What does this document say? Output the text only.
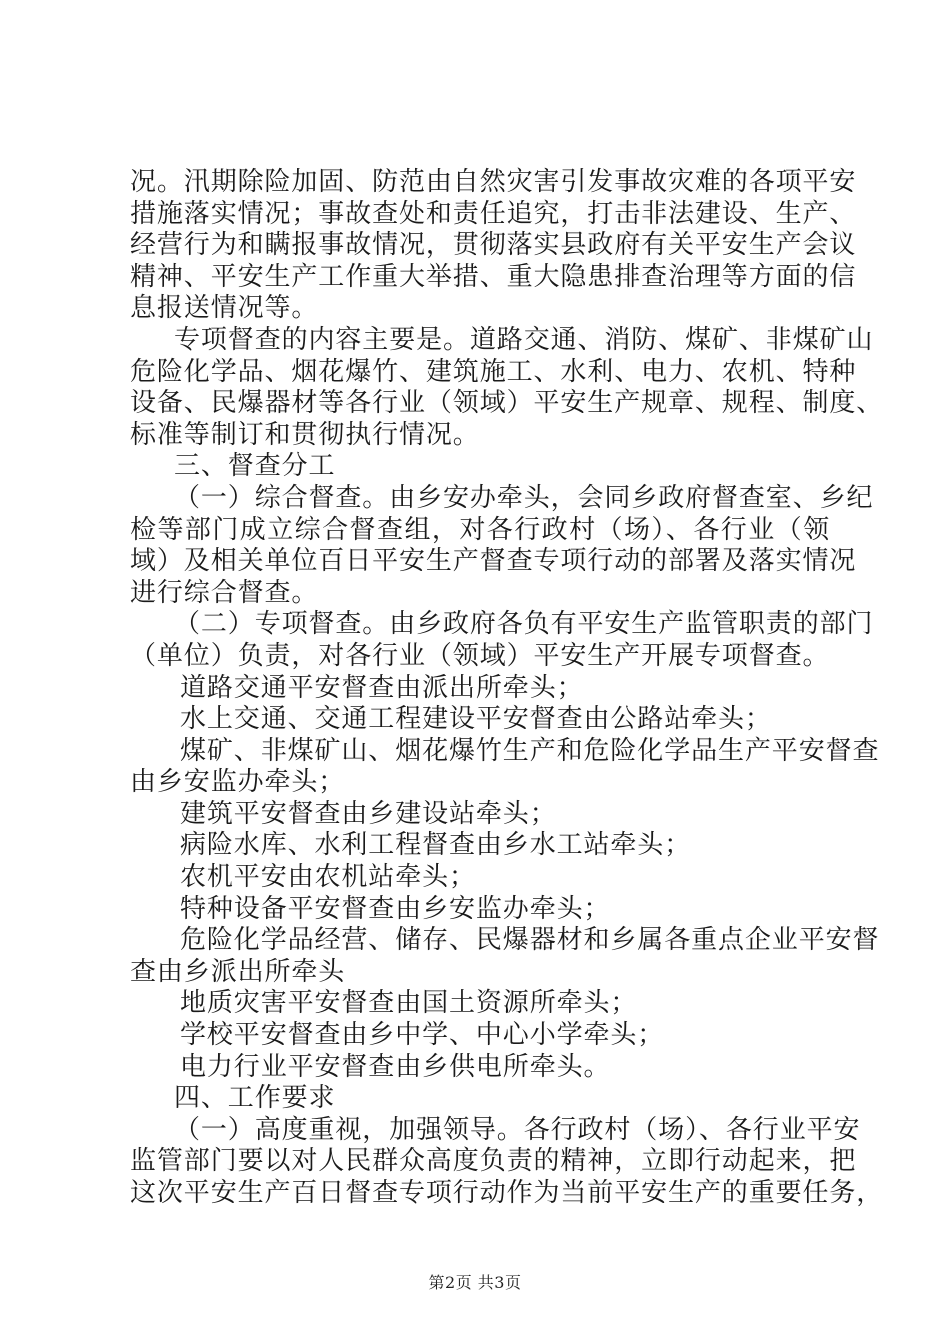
况。汛期除险加固、防范由自然灾害引发事故灾难的各项平安
措施落实情况；事故查处和责任追究，打击非法建设、生产、
经营行为和瞒报事故情况，贯彻落实县政府有关平安生产会议
精神、平安生产工作重大举措、重大隐患排查治理等方面的信
息报送情况等。
专项督查的内容主要是。道路交通、消防、煤矿、非煤矿山
危险化学品、烟花爆竹、建筑施工、水利、电力、农机、特种
设备、民爆器材等各行业（领域）平安生产规章、规程、制度、
标准等制订和贯彻执行情况。
三、督查分工
（一）综合督查。由乡安办牵头，会同乡政府督查室、乡纪
检等部门成立综合督查组，对各行政村（场）、各行业（领
域）及相关单位百日平安生产督查专项行动的部署及落实情况
进行综合督查。
（二）专项督查。由乡政府各负有平安生产监管职责的部门
（单位）负责，对各行业（领域）平安生产开展专项督查。
道路交通平安督查由派出所牵头；
水上交通、交通工程建设平安督查由公路站牵头；
煤矿、非煤矿山、烟花爆竹生产和危险化学品生产平安督查
由乡安监办牵头；
建筑平安督查由乡建设站牵头；
病险水库、水利工程督查由乡水工站牵头；
农机平安由农机站牵头；
特种设备平安督查由乡安监办牵头；
危险化学品经营、储存、民爆器材和乡属各重点企业平安督
查由乡派出所牵头
地质灾害平安督查由国土资源所牵头；
学校平安督查由乡中学、中心小学牵头；
电力行业平安督查由乡供电所牵头。
四、工作要求
（一）高度重视，加强领导。各行政村（场）、各行业平安
监管部门要以对人民群众高度负责的精神，立即行动起来，把
这次平安生产百日督查专项行动作为当前平安生产的重要任务，
第2页 共3页
